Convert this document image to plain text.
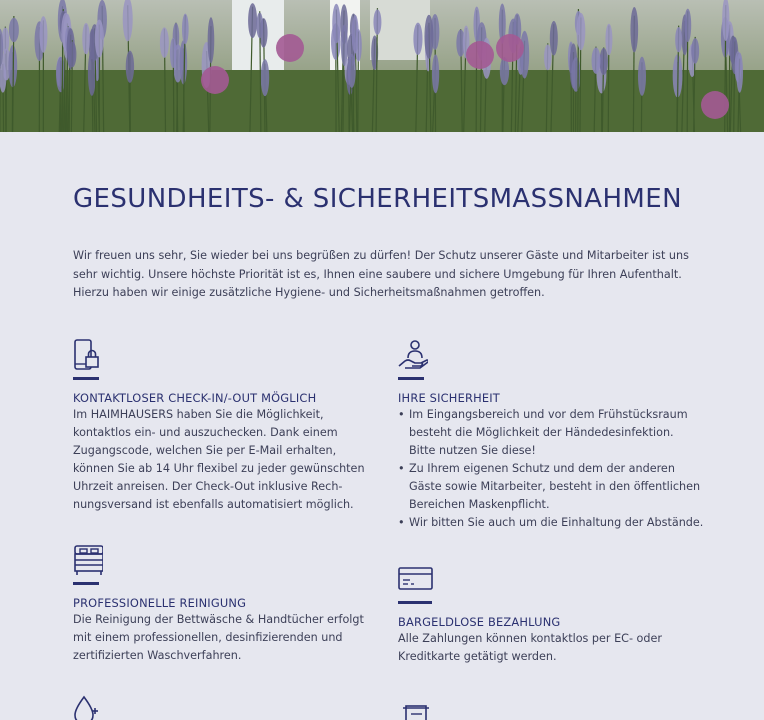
GESUNDHEITS- & SICHERHEITSMASSNAHMEN

Wir freuen uns sehr, Sie wieder bei uns begrüßen zu dürfen! Der Schutz unserer Gäste und Mitarbeiter ist uns

sehr wichtig. Unsere höchste Priorität ist es, Ihnen eine saubere und sichere Umgebung für Ihren Aufenthalt.

Hierzu haben wir einige zusätzliche Hygiene- und Sicherheitsmaßnahmen getroffen.

KONTAKTLOSER CHECK-IN/-OUT MÖGLICH
Im HAIMHAUSERS haben Sie die Möglichkeit,
kontaktlos ein- und auszuchecken. Dank einem
Zugangscode, welchen Sie per E-Mail erhalten,
können Sie ab 14 Uhr flexibel zu jeder gewünschten
Uhrzeit anreisen. Der Check-Out inklusive Rech-
nungsversand ist ebenfalls automatisiert möglich.
IHRE SICHERHEIT
• Im Eingangsbereich und vor dem Frühstücksraum
besteht die Möglichkeit der Händedesinfektion.
Bitte nutzen Sie diese!
• Zu Ihrem eigenen Schutz und dem der anderen
Gäste sowie Mitarbeiter, besteht in den öffentlichen
Bereichen Maskenpflicht.
• Wir bitten Sie auch um die Einhaltung der Abstände.
PROFESSIONELLE REINIGUNG
Die Reinigung der Bettwäsche & Handtücher erfolgt
mit einem professionellen, desinfizierenden und
zertifizierten Waschverfahren.
BARGELDLOSE BEZAHLUNG
Alle Zahlungen können kontaktlos per EC- oder
Kreditkarte getätigt werden.
